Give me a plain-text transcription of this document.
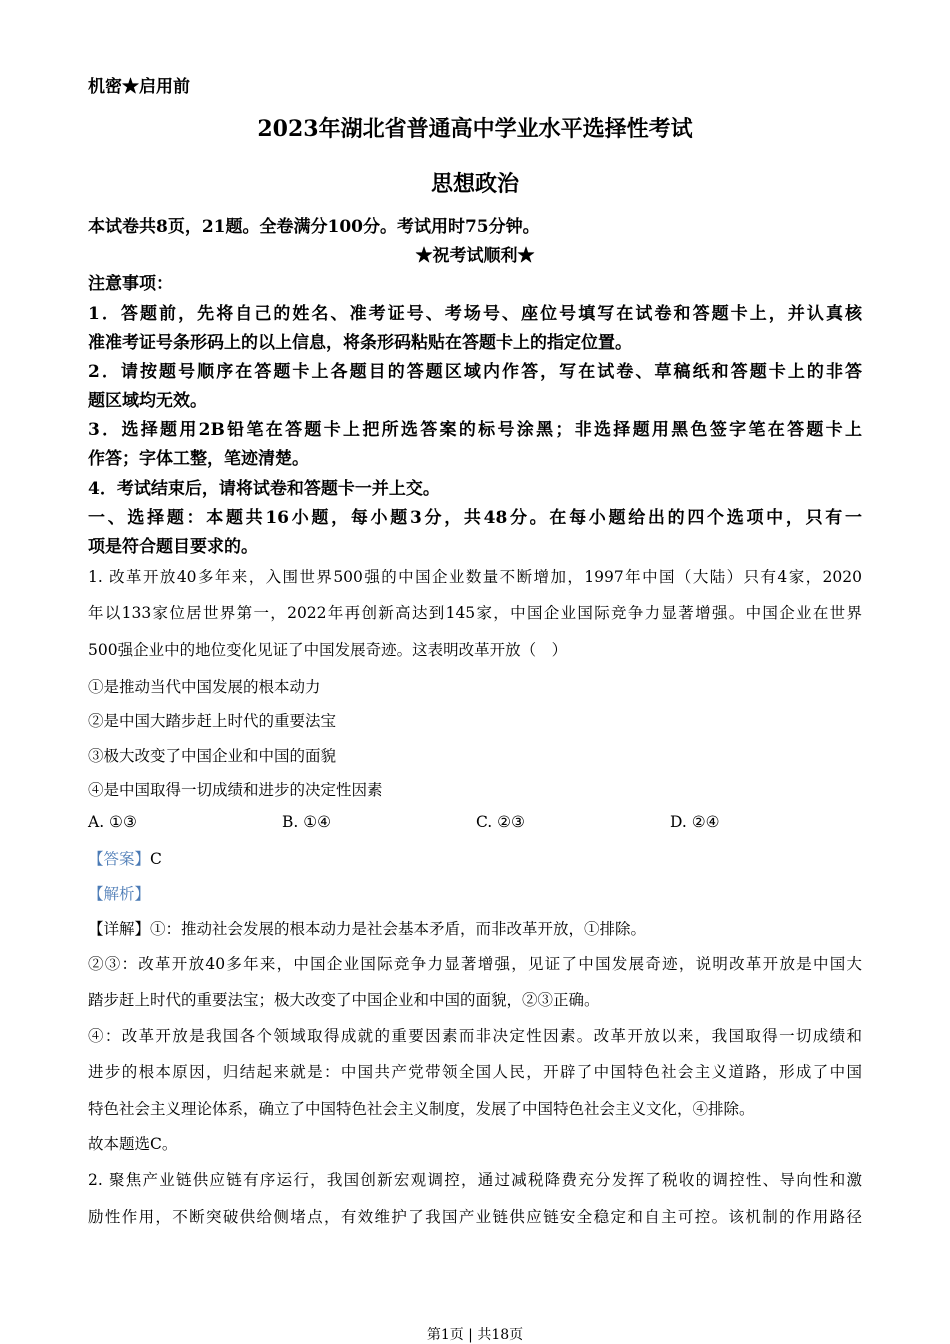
机密★启用前
2023年湖北省普通高中学业水平选择性考试
思想政治
本试卷共8页，21题。全卷满分100分。考试用时75分钟。
★祝考试顺利★
注意事项：
1．答题前，先将自己的姓名、准考证号、考场号、座位号填写在试卷和答题卡上，并认真核
准准考证号条形码上的以上信息，将条形码粘贴在答题卡上的指定位置。
2．请按题号顺序在答题卡上各题目的答题区域内作答，写在试卷、草稿纸和答题卡上的非答
题区域均无效。
3．选择题用2B铅笔在答题卡上把所选答案的标号涂黑；非选择题用黑色签字笔在答题卡上
作答；字体工整，笔迹清楚。
4．考试结束后，请将试卷和答题卡一并上交。
一、选择题：本题共16小题，每小题3分，共48分。在每小题给出的四个选项中，只有一
项是符合题目要求的。
1. 改革开放40多年来，入围世界500强的中国企业数量不断增加，1997年中国（大陆）只有4家，2020
年以133家位居世界第一，2022年再创新高达到145家，中国企业国际竞争力显著增强。中国企业在世界
500强企业中的地位变化见证了中国发展奇迹。这表明改革开放（　）
①是推动当代中国发展的根本动力
②是中国大踏步赶上时代的重要法宝
③极大改变了中国企业和中国的面貌
④是中国取得一切成绩和进步的决定性因素
A. ①③	B. ①④	C. ②③	D. ②④
【答案】C
【解析】
【详解】①：推动社会发展的根本动力是社会基本矛盾，而非改革开放，①排除。
②③：改革开放40多年来，中国企业国际竞争力显著增强，见证了中国发展奇迹，说明改革开放是中国大
踏步赶上时代的重要法宝；极大改变了中国企业和中国的面貌，②③正确。
④：改革开放是我国各个领域取得成就的重要因素而非决定性因素。改革开放以来，我国取得一切成绩和
进步的根本原因，归结起来就是：中国共产党带领全国人民，开辟了中国特色社会主义道路，形成了中国
特色社会主义理论体系，确立了中国特色社会主义制度，发展了中国特色社会主义文化，④排除。
故本题选C。
2. 聚焦产业链供应链有序运行，我国创新宏观调控，通过减税降费充分发挥了税收的调控性、导向性和激
励性作用，不断突破供给侧堵点，有效维护了我国产业链供应链安全稳定和自主可控。该机制的作用路径
第1页 | 共18页
